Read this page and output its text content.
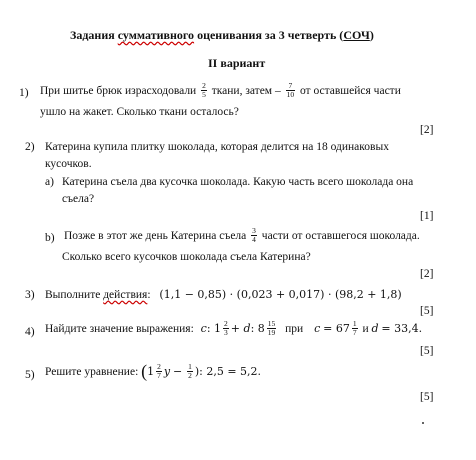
Задания суммативного оценивания за 3 четверть (СОЧ)
II вариант
1) При шитье брюк израсходовали $\frac{2}{5}$ ткани, затем – $\frac{7}{10}$ от оставшейся части
ушло на жакет. Сколько ткани осталось?
[2]
2) Катерина купила плитку шоколада, которая делится на 18 одинаковых
кусочков.
a) Катерина съела два кусочка шоколада. Какую часть всего шоколада она
съела?
[1]
b) Позже в этот же день Катерина съела $\frac{3}{4}$ части от оставшегося шоколада.
Сколько всего кусочков шоколада съела Катерина?
[2]
3) Выполните действия: (1,1 − 0,85) · (0,023 + 0,017) · (98,2 + 1,8)
[5]
4) Найдите значение выражения: c: $1 \frac{2}{3} + d$: $8 \frac{15}{19}$ при $c = 67 \frac{1}{7}$ и d = 33,4.
[5]
5) Решите уравнение: ($1 \frac{2}{7}$ $y - \frac{1}{2}$ ): 2,5 = 5,2.
[5]
